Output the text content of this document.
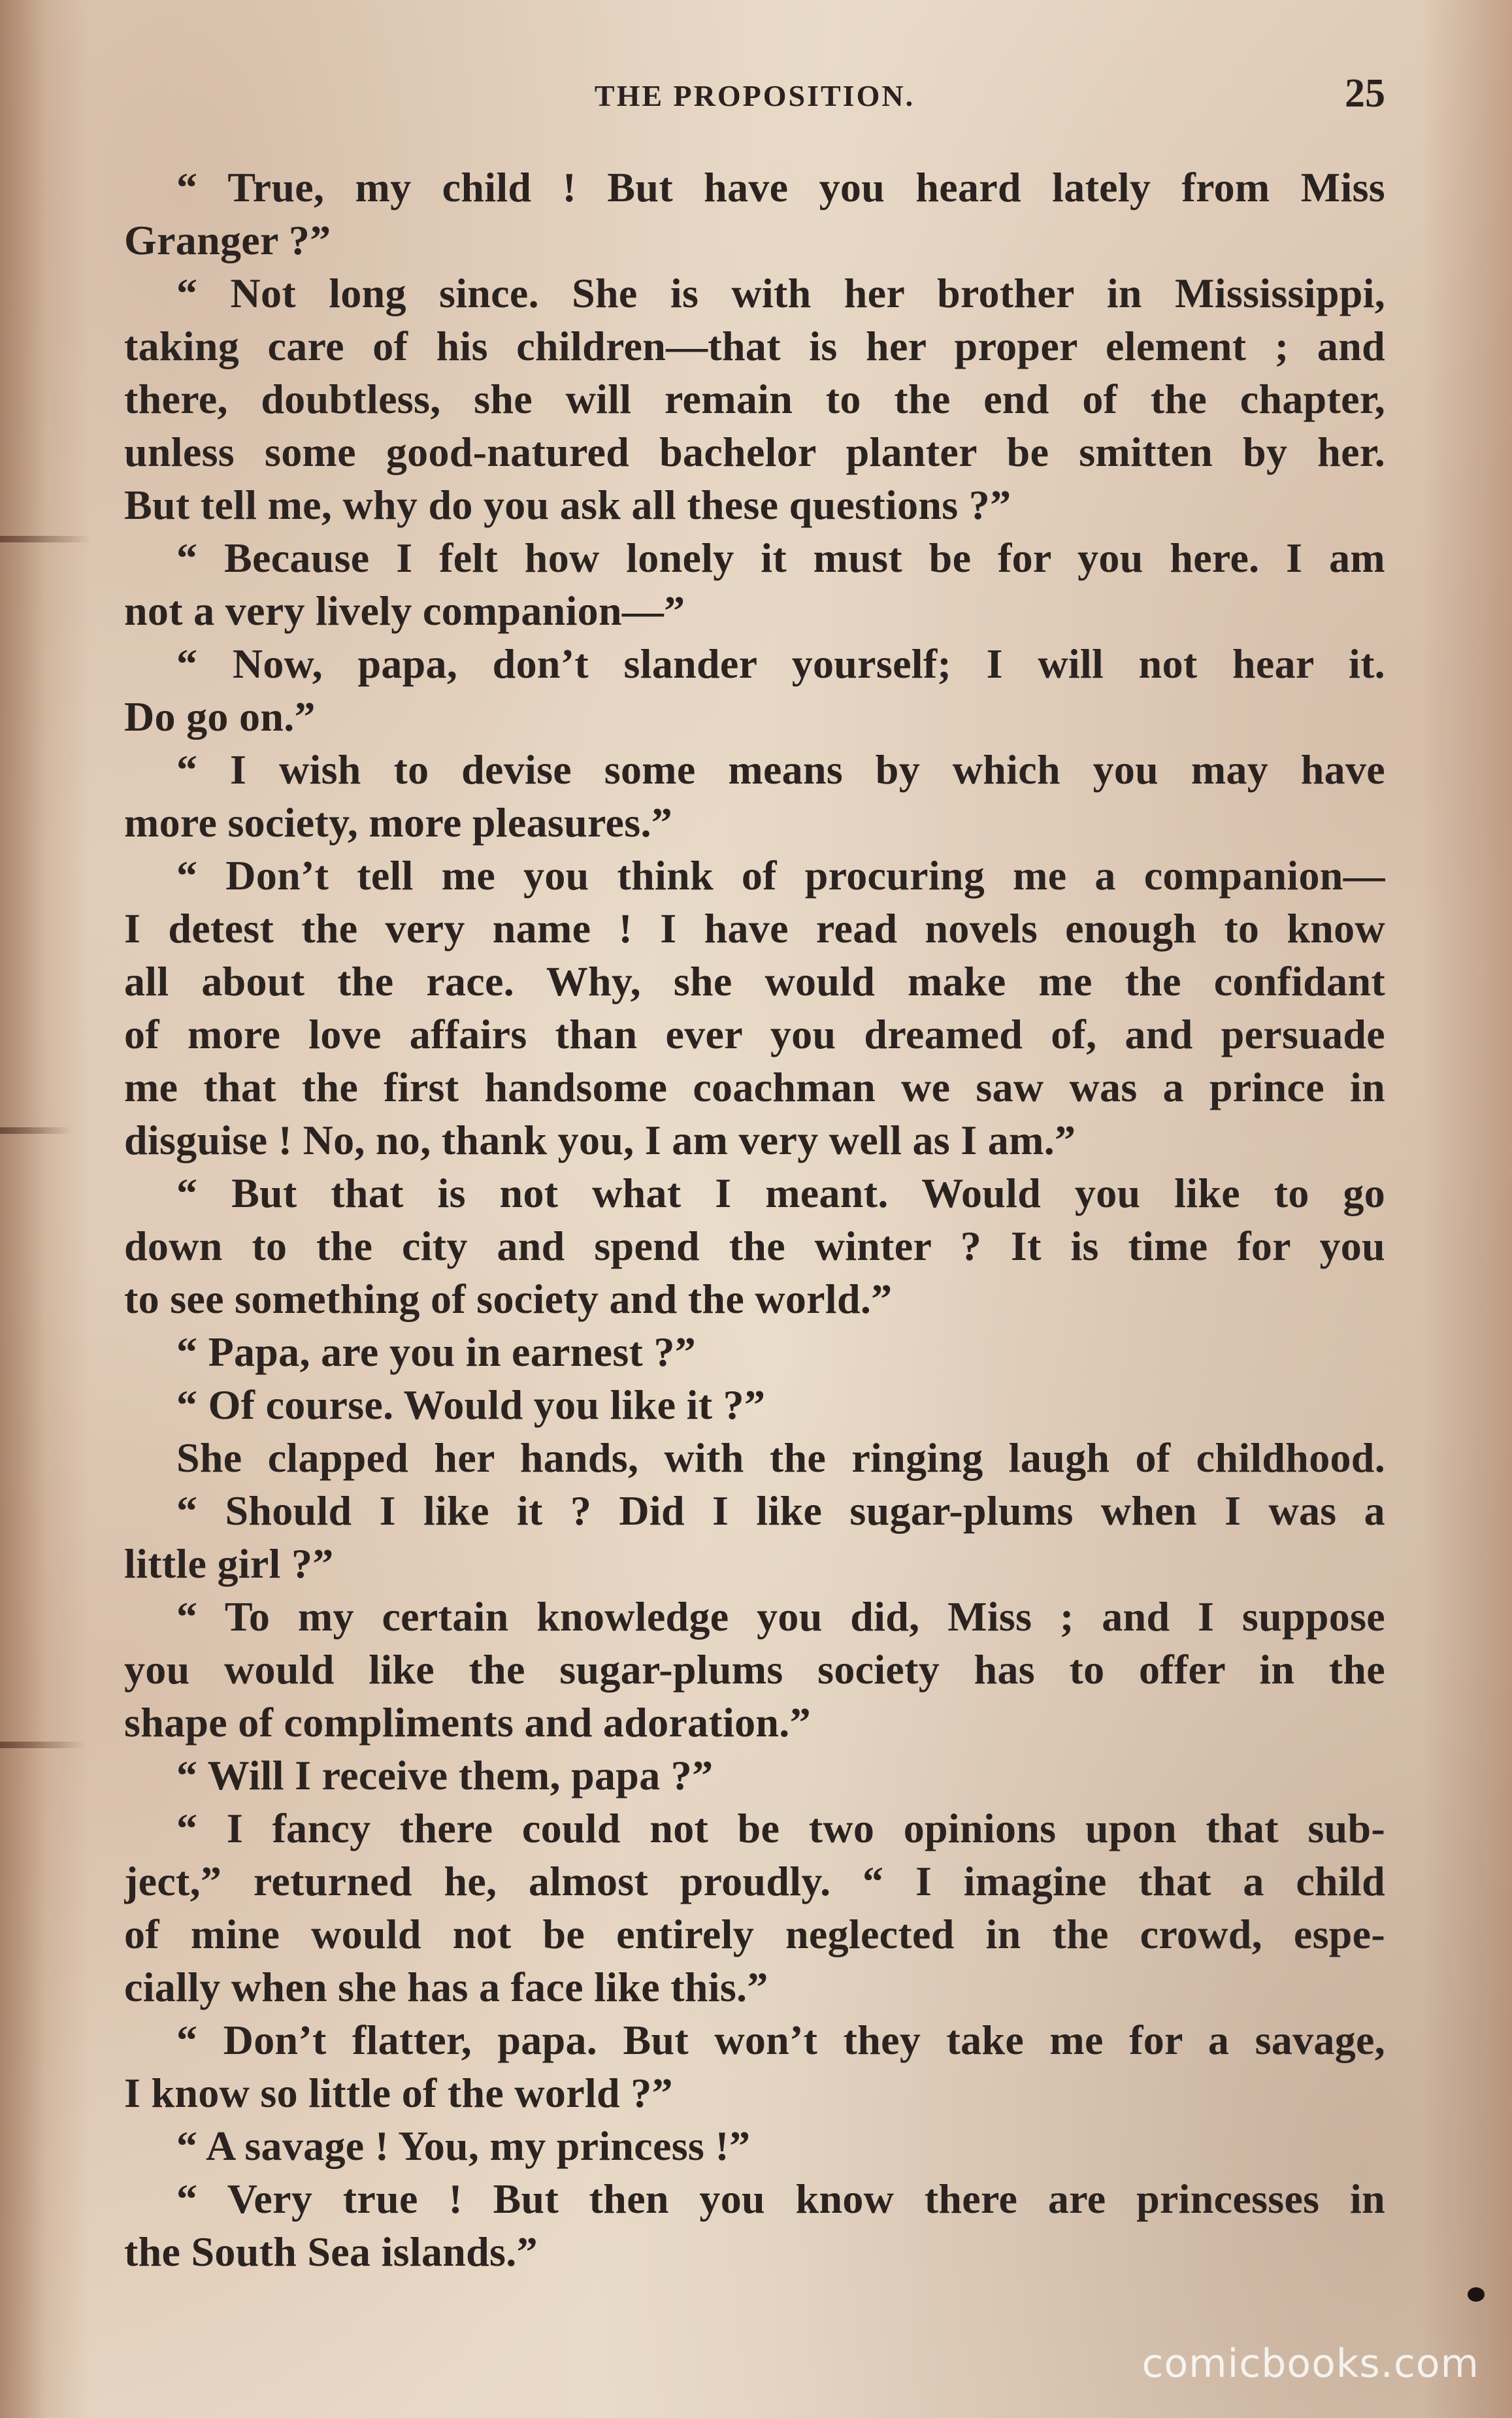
THE PROPOSITION.	25
“ True, my child ! But have you heard lately from Miss
Granger ?”
“ Not long since. She is with her brother in Mississippi,
taking care of his children—that is her proper element ; and
there, doubtless, she will remain to the end of the chapter,
unless some good-natured bachelor planter be smitten by her.
But tell me, why do you ask all these questions ?”
“ Because I felt how lonely it must be for you here. I am
not a very lively companion—”
“ Now, papa, don’t slander yourself; I will not hear it.
Do go on.”
“ I wish to devise some means by which you may have
more society, more pleasures.”
“ Don’t tell me you think of procuring me a companion—
I detest the very name ! I have read novels enough to know
all about the race. Why, she would make me the confidant
of more love affairs than ever you dreamed of, and persuade
me that the first handsome coachman we saw was a prince in
disguise ! No, no, thank you, I am very well as I am.”
“ But that is not what I meant. Would you like to go
down to the city and spend the winter ? It is time for you
to see something of society and the world.”
“ Papa, are you in earnest ?”
“ Of course. Would you like it ?”
She clapped her hands, with the ringing laugh of childhood.
“ Should I like it ? Did I like sugar-plums when I was a
little girl ?”
“ To my certain knowledge you did, Miss ; and I suppose
you would like the sugar-plums society has to offer in the
shape of compliments and adoration.”
“ Will I receive them, papa ?”
“ I fancy there could not be two opinions upon that sub-
ject,” returned he, almost proudly. “ I imagine that a child
of mine would not be entirely neglected in the crowd, espe-
cially when she has a face like this.”
“ Don’t flatter, papa. But won’t they take me for a savage,
I know so little of the world ?”
“ A savage ! You, my princess !”
“ Very true ! But then you know there are princesses in
the South Sea islands.”
comicbooks.com
